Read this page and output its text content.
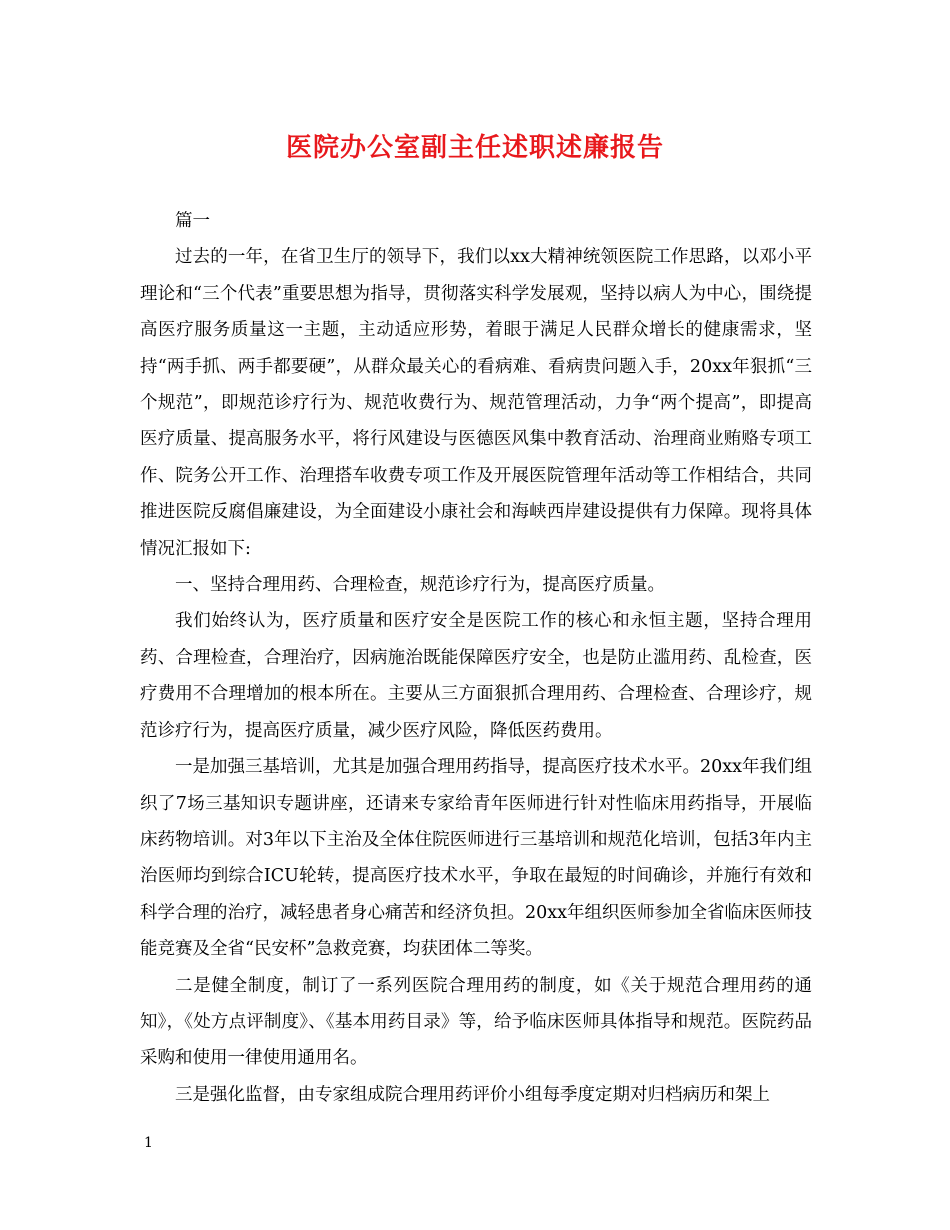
医院办公室副主任述职述廉报告

篇一

过去的一年，在省卫生厅的领导下，我们以xx大精神统领医院工作思路，以邓小平理论和“三个代表”重要思想为指导，贯彻落实科学发展观，坚持以病人为中心，围绕提高医疗服务质量这一主题，主动适应形势，着眼于满足人民群众增长的健康需求，坚持“两手抓、两手都要硬”，从群众最关心的看病难、看病贵问题入手，20xx年狠抓“三个规范”，即规范诊疗行为、规范收费行为、规范管理活动，力争“两个提高”，即提高医疗质量、提高服务水平，将行风建设与医德医风集中教育活动、治理商业贿赂专项工作、院务公开工作、治理搭车收费专项工作及开展医院管理年活动等工作相结合，共同推进医院反腐倡廉建设，为全面建设小康社会和海峡西岸建设提供有力保障。现将具体情况汇报如下:

一、坚持合理用药、合理检查，规范诊疗行为，提高医疗质量。

我们始终认为，医疗质量和医疗安全是医院工作的核心和永恒主题，坚持合理用药、合理检查，合理治疗，因病施治既能保障医疗安全，也是防止滥用药、乱检查，医疗费用不合理增加的根本所在。主要从三方面狠抓合理用药、合理检查、合理诊疗，规范诊疗行为，提高医疗质量，减少医疗风险，降低医药费用。

一是加强三基培训，尤其是加强合理用药指导，提高医疗技术水平。20xx年我们组织了7场三基知识专题讲座，还请来专家给青年医师进行针对性临床用药指导，开展临床药物培训。对3年以下主治及全体住院医师进行三基培训和规范化培训，包括3年内主治医师均到综合ICU轮转，提高医疗技术水平，争取在最短的时间确诊，并施行有效和科学合理的治疗，减轻患者身心痛苦和经济负担。20xx年组织医师参加全省临床医师技能竞赛及全省“民安杯”急救竞赛，均获团体二等奖。

二是健全制度，制订了一系列医院合理用药的制度，如《关于规范合理用药的通知》，《处方点评制度》、《基本用药目录》等，给予临床医师具体指导和规范。医院药品采购和使用一律使用通用名。

三是强化监督，由专家组成院合理用药评价小组每季度定期对归档病历和架上

1
